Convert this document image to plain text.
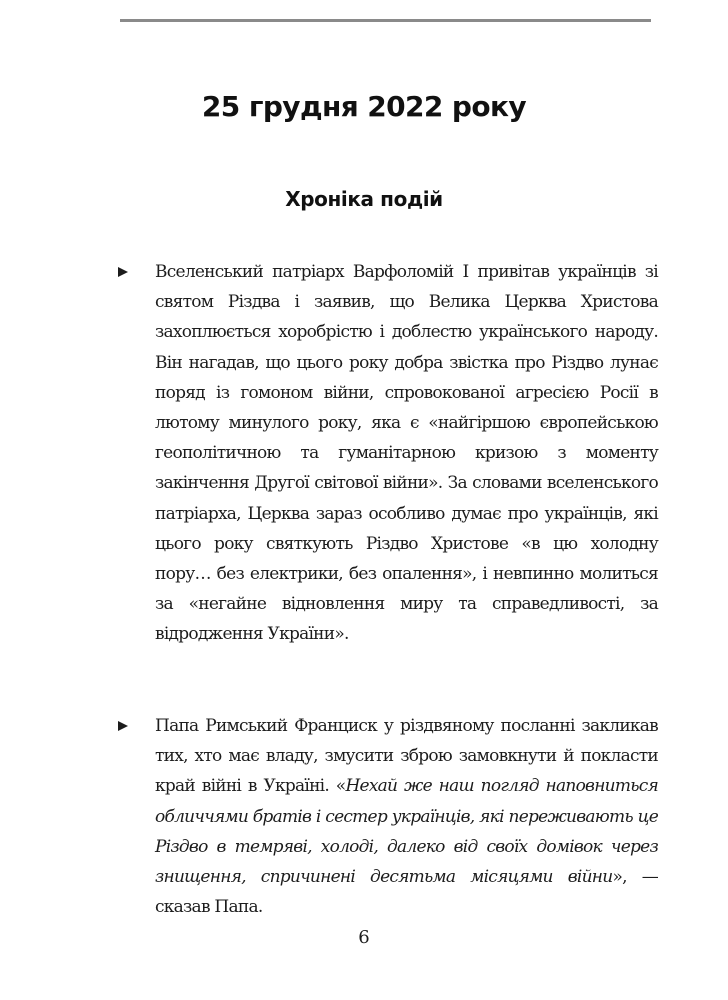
25 грудня 2022 року
Хроніка подій

Вселенський патріарх Варфоломій I привітав українців зі святом Різдва і заявив, що Велика Церква Христова захоплюється хоробрістю і доблестю українського народу. Він нагадав, що цього року добра звістка про Різдво лунає поряд із гомоном війни, спровокованої агресією Росії в лютому минулого року, яка є «найгіршою європейською геополітичною та гуманітарною кризою з моменту закінчення Другої світової війни». За словами вселенського патріарха, Церква зараз особливо думає про українців, які цього року святкують Різдво Христове «в цю холодну пору… без електрики, без опалення», і невпинно молиться за «негайне відновлення миру та справедливості, за відродження України».

Папа Римський Франциск у різдвяному посланні закликав тих, хто має владу, змусити зброю замовкнути й покласти край війні в Україні. «Нехай же наш погляд наповниться обличчями братів і сестер українців, які переживають це Різдво в темряві, холоді, далеко від своїх домівок через знищення, спричинені десятьма місяцями війни», — сказав Папа.

6
